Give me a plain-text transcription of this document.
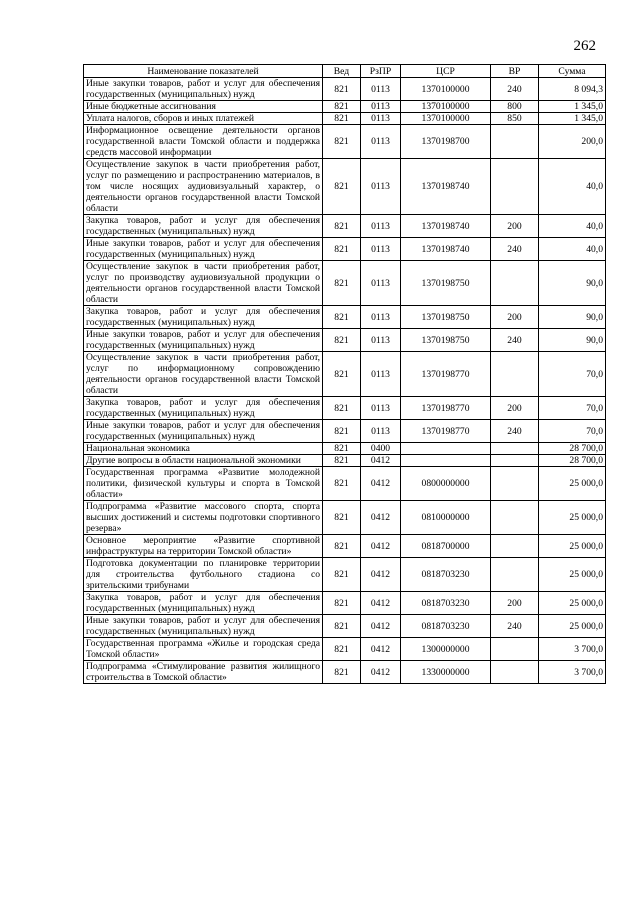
262
Наименование показателей	Вед	РзПР	ЦСР	ВР	Сумма
Иные закупки товаров, работ и услуг для обеспечения государственных (муниципальных) нужд	821	0113	1370100000	240	8 094,3
Иные бюджетные ассигнования	821	0113	1370100000	800	1 345,0
Уплата налогов, сборов и иных платежей	821	0113	1370100000	850	1 345,0
Информационное освещение деятельности органов государственной власти Томской области и поддержка средств массовой информации	821	0113	1370198700		200,0
Осуществление закупок в части приобретения работ, услуг по размещению и распространению материалов, в том числе носящих аудиовизуальный характер, о деятельности органов государственной власти Томской области	821	0113	1370198740		40,0
Закупка товаров, работ и услуг для обеспечения государственных (муниципальных) нужд	821	0113	1370198740	200	40,0
Иные закупки товаров, работ и услуг для обеспечения государственных (муниципальных) нужд	821	0113	1370198740	240	40,0
Осуществление закупок в части приобретения работ, услуг по производству аудиовизуальной продукции о деятельности органов государственной власти Томской области	821	0113	1370198750		90,0
Закупка товаров, работ и услуг для обеспечения государственных (муниципальных) нужд	821	0113	1370198750	200	90,0
Иные закупки товаров, работ и услуг для обеспечения государственных (муниципальных) нужд	821	0113	1370198750	240	90,0
Осуществление закупок в части приобретения работ, услуг по информационному сопровождению деятельности органов государственной власти Томской области	821	0113	1370198770		70,0
Закупка товаров, работ и услуг для обеспечения государственных (муниципальных) нужд	821	0113	1370198770	200	70,0
Иные закупки товаров, работ и услуг для обеспечения государственных (муниципальных) нужд	821	0113	1370198770	240	70,0
Национальная экономика	821	0400			28 700,0
Другие вопросы в области национальной экономики	821	0412			28 700,0
Государственная программа «Развитие молодежной политики, физической культуры и спорта в Томской области»	821	0412	0800000000		25 000,0
Подпрограмма «Развитие массового спорта, спорта высших достижений и системы подготовки спортивного резерва»	821	0412	0810000000		25 000,0
Основное мероприятие «Развитие спортивной инфраструктуры на территории Томской области»	821	0412	0818700000		25 000,0
Подготовка документации по планировке территории для строительства футбольного стадиона со зрительскими трибунами	821	0412	0818703230		25 000,0
Закупка товаров, работ и услуг для обеспечения государственных (муниципальных) нужд	821	0412	0818703230	200	25 000,0
Иные закупки товаров, работ и услуг для обеспечения государственных (муниципальных) нужд	821	0412	0818703230	240	25 000,0
Государственная программа «Жилье и городская среда Томской области»	821	0412	1300000000		3 700,0
Подпрограмма «Стимулирование развития жилищного строительства в Томской области»	821	0412	1330000000		3 700,0
